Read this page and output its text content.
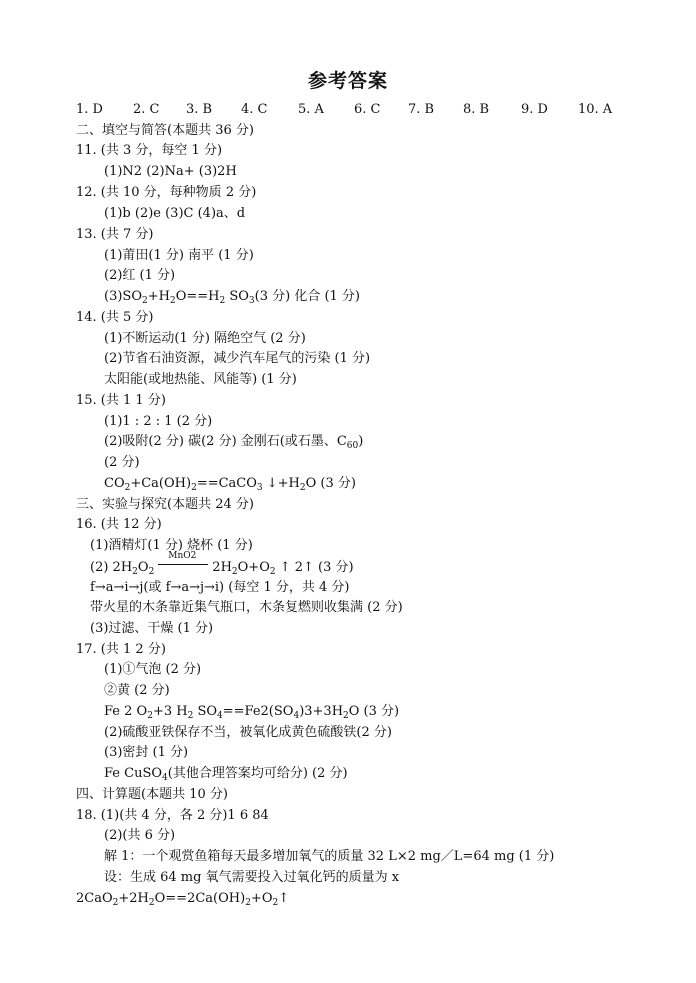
参考答案
1. D 2. C 3. B 4. C 5. A 6. C 7. B 8. B 9. D 10. A
二、填空与简答(本题共 36 分)
11. (共 3 分，每空 1 分)
(1)N2 (2)Na+ (3)2H
12. (共 10 分，每种物质 2 分)
(1)b (2)e (3)C (4)a、d
13. (共 7 分)
(1)莆田(1 分) 南平 (1 分)
(2)红 (1 分)
$(3)SO_2+H_2O==H_2$ $SO_3(3$ 分) 化合 (1 分)
14. (共 5 分)
(1)不断运动(1 分) 隔绝空气 (2 分)
(2)节省石油资源，减少汽车尾气的污染 (1 分)
太阳能(或地热能、风能等) (1 分)
15. (共 1 1 分)
(1)1 : 2 : 1 (2 分)
(2)吸附(2 分) 碳(2 分) 金刚石(或石墨、$C_{60}$)
(2 分)
$CO_2+Ca(OH)_2==CaCO_3$ $↓+H_2O$ (3 分)
三、实验与探究(本题共 24 分)
16. (共 12 分)
(1)酒精灯(1 分) 烧杯 (1 分)
(2) $2H_2O_2$
MnO2
$2H_2O+O_2$ ↑ 2↑ (3 分)
f→a→i→j(或 f→a→j→i) (每空 1 分，共 4 分)
带火星的木条靠近集气瓶口，木条复燃则收集满 (2 分)
(3)过滤、干燥 (1 分)
17. (共 1 2 分)
(1)①气泡 (2 分)
②黄 (2 分)
Fe 2 $O_2+3$ $H_2$ $SO_4==Fe2(SO_4)3+3H_2O$ (3 分)
(2)硫酸亚铁保存不当，被氧化成黄色硫酸铁(2 分)
(3)密封 (1 分)
Fe CuSO$_4$(其他合理答案均可给分) (2 分)
四、计算题(本题共 10 分)
18. (1)(共 4 分，各 2 分)1 6 84
(2)(共 6 分)
解 1：一个观赏鱼箱每天最多增加氧气的质量 32 L×2 mg／L=64 mg (1 分)
设：生成 64 mg 氧气需要投入过氧化钙的质量为 x
$2CaO_2+2H_2O==2Ca(OH)_2+O_2↑$
